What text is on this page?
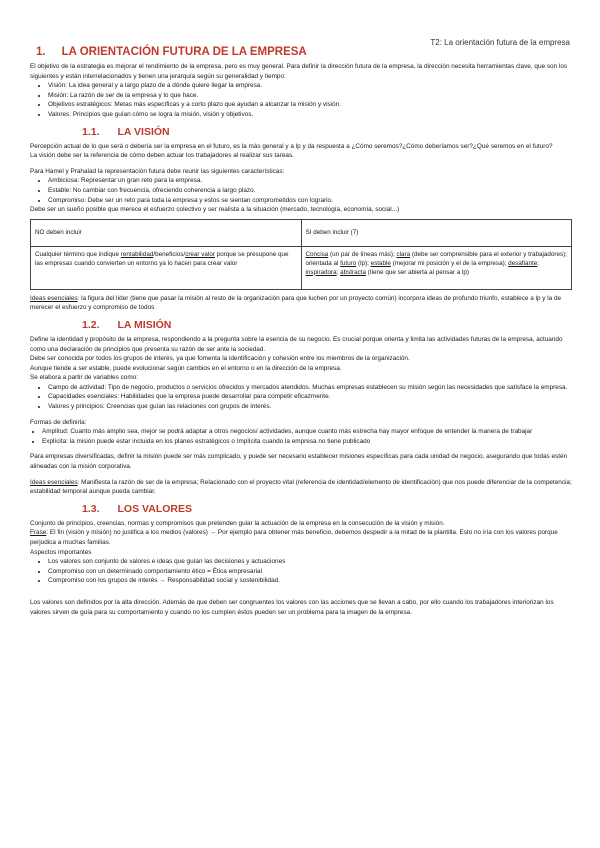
T2: La orientación futura de la empresa
1. LA ORIENTACIÓN FUTURA DE LA EMPRESA

El objetivo de la estrategia es mejorar el rendimiento de la empresa, pero es muy general. Para definir la dirección futura de la empresa, la dirección necesita herramientas clave, que son los siguientes y están interrelacionados y tienen una jerarquía según su generalidad y tiempo:

• Visión: La idea general y a largo plazo de a dónde quiere llegar la empresa.
• Misión: La razón de ser de la empresa y lo que hace.
• Objetivos estratégicos: Metas más específicas y a corto plazo que ayudan a alcanzar la misión y visión.
• Valores: Principios que guían cómo se logra la misión, visión y objetivos.
1.1. LA VISIÓN

Percepción actual de lo que será o debería ser la empresa en el futuro, es la más general y a lp y da respuesta a ¿Cómo seremos?¿Cómo deberíamos ser?¿Qué seremos en el futuro?

La visión debe ser la referencia de cómo deben actuar los trabajadores al realizar sus tareas.

Para Hamel y Prahalad la representación futura debe reunir las siguientes características:

• Ambiciosa: Representar un gran reto para la empresa.
• Estable: No cambiar con frecuencia, ofreciendo coherencia a largo plazo.
• Compromiso: Debe ser un reto para toda la empresa y estos se sientan comprometidos con logrario.

Debe ser un sueño posible que merece el esfuerzo colectivo y ser realista a la situación (mercado, tecnología, economía, social...)

NO deben incluir	SI deben incluir (7)
Cualquier término que indique rentabilidad/beneficios/crear valor porque se presupone que las empresas cuando convierten un entorno ya lo hacen para crear valor	Concisa (un par de líneas más); clara (debe ser comprensible para el exterior y trabajadores); orientada al futuro (lp); estable (mejorar mi posición y el de la empresa); desafiante; inspiradora; abstracta (tiene que ser abierta al pensar a lp)

Ideas esenciales: la figura del líder (tiene que pasar la misión al resto de la organización para que luchen por un proyecto común) incorpora ideas de profundo triunfo, establece a lp y la de merecer el esfuerzo y compromiso de todos

1.2. LA MISIÓN

Define la identidad y propósito de la empresa, respondiendo a la pregunta sobre la esencia de su negocio. Es crucial porque orienta y limita las actividades futuras de la empresa, actuando como una declaración de principios que presenta su razón de ser ante la sociedad.

Debe ser conocida por todos los grupos de interés, ya que fomenta la identificación y cohesión entre los miembros de la organización.

Aunque tiende a ser estable, puede evolucionar según cambios en el entorno o en la dirección de la empresa.

Se elabora a partir de variables como:

• Campo de actividad: Tipo de negocio, productos o servicios ofrecidos y mercados atendidos. Muchas empresas establecen su misión según las necesidades que satisface la empresa.
• Capacidades esenciales: Habilidades que la empresa puede desarrollar para competir eficazmente.
• Valores y principios: Creencias que guían las relaciones con grupos de interés.

Formas de definirla:

• Amplitud: Cuanto más amplio sea, mejor se podrá adaptar a otros negocios/ actividades, aunque cuanto más estrecha hay mayor enfoque de entender la manera de trabajar
• Explícita: la misión puede estar incluida en los planes estratégicos o Implícita cuando la empresa no tiene publicado

Para empresas diversificadas, definir la misión puede ser más complicado, y puede ser necesario establecer misiones específicas para cada unidad de negocio, asegurando que todas estén alineadas con la misión corporativa.

Ideas esenciales: Manifiesta la razón de ser de la empresa; Relacionado con el proyecto vital (referencia de identidad/elemento de identificación) que nos puede diferenciar de la competencia; estabilidad temporal aunque pueda cambiar.

1.3. LOS VALORES

Conjunto de principios, creencias, normas y compromisos que pretenden guiar la actuación de la empresa en la consecución de la visión y misión.

Frase: El fin (visión y misión) no justifica a los medios (valores) → Por ejemplo para obtener más beneficio, debemos despedir a la mitad de la plantilla. Esto no iría con los valores porque perjudica a muchas familias.

Aspectos importantes

• Los valores son conjunto de valores e ideas que guían las decisiones y actuaciones
• Compromiso con un determinado comportamiento ético = Ética empresarial
• Compromiso con los grupos de interés → Responsabilidad social y sostenibilidad.

Los valores son definidos por la alta dirección. Además de que deben ser congruentes los valores con las acciones que se llevan a cabo, por ello cuando los trabajadores interiorizan los valores sirven de guía para su comportamiento y cuando no los cumplen éstos pueden ser un problema para la imagen de la empresa.
